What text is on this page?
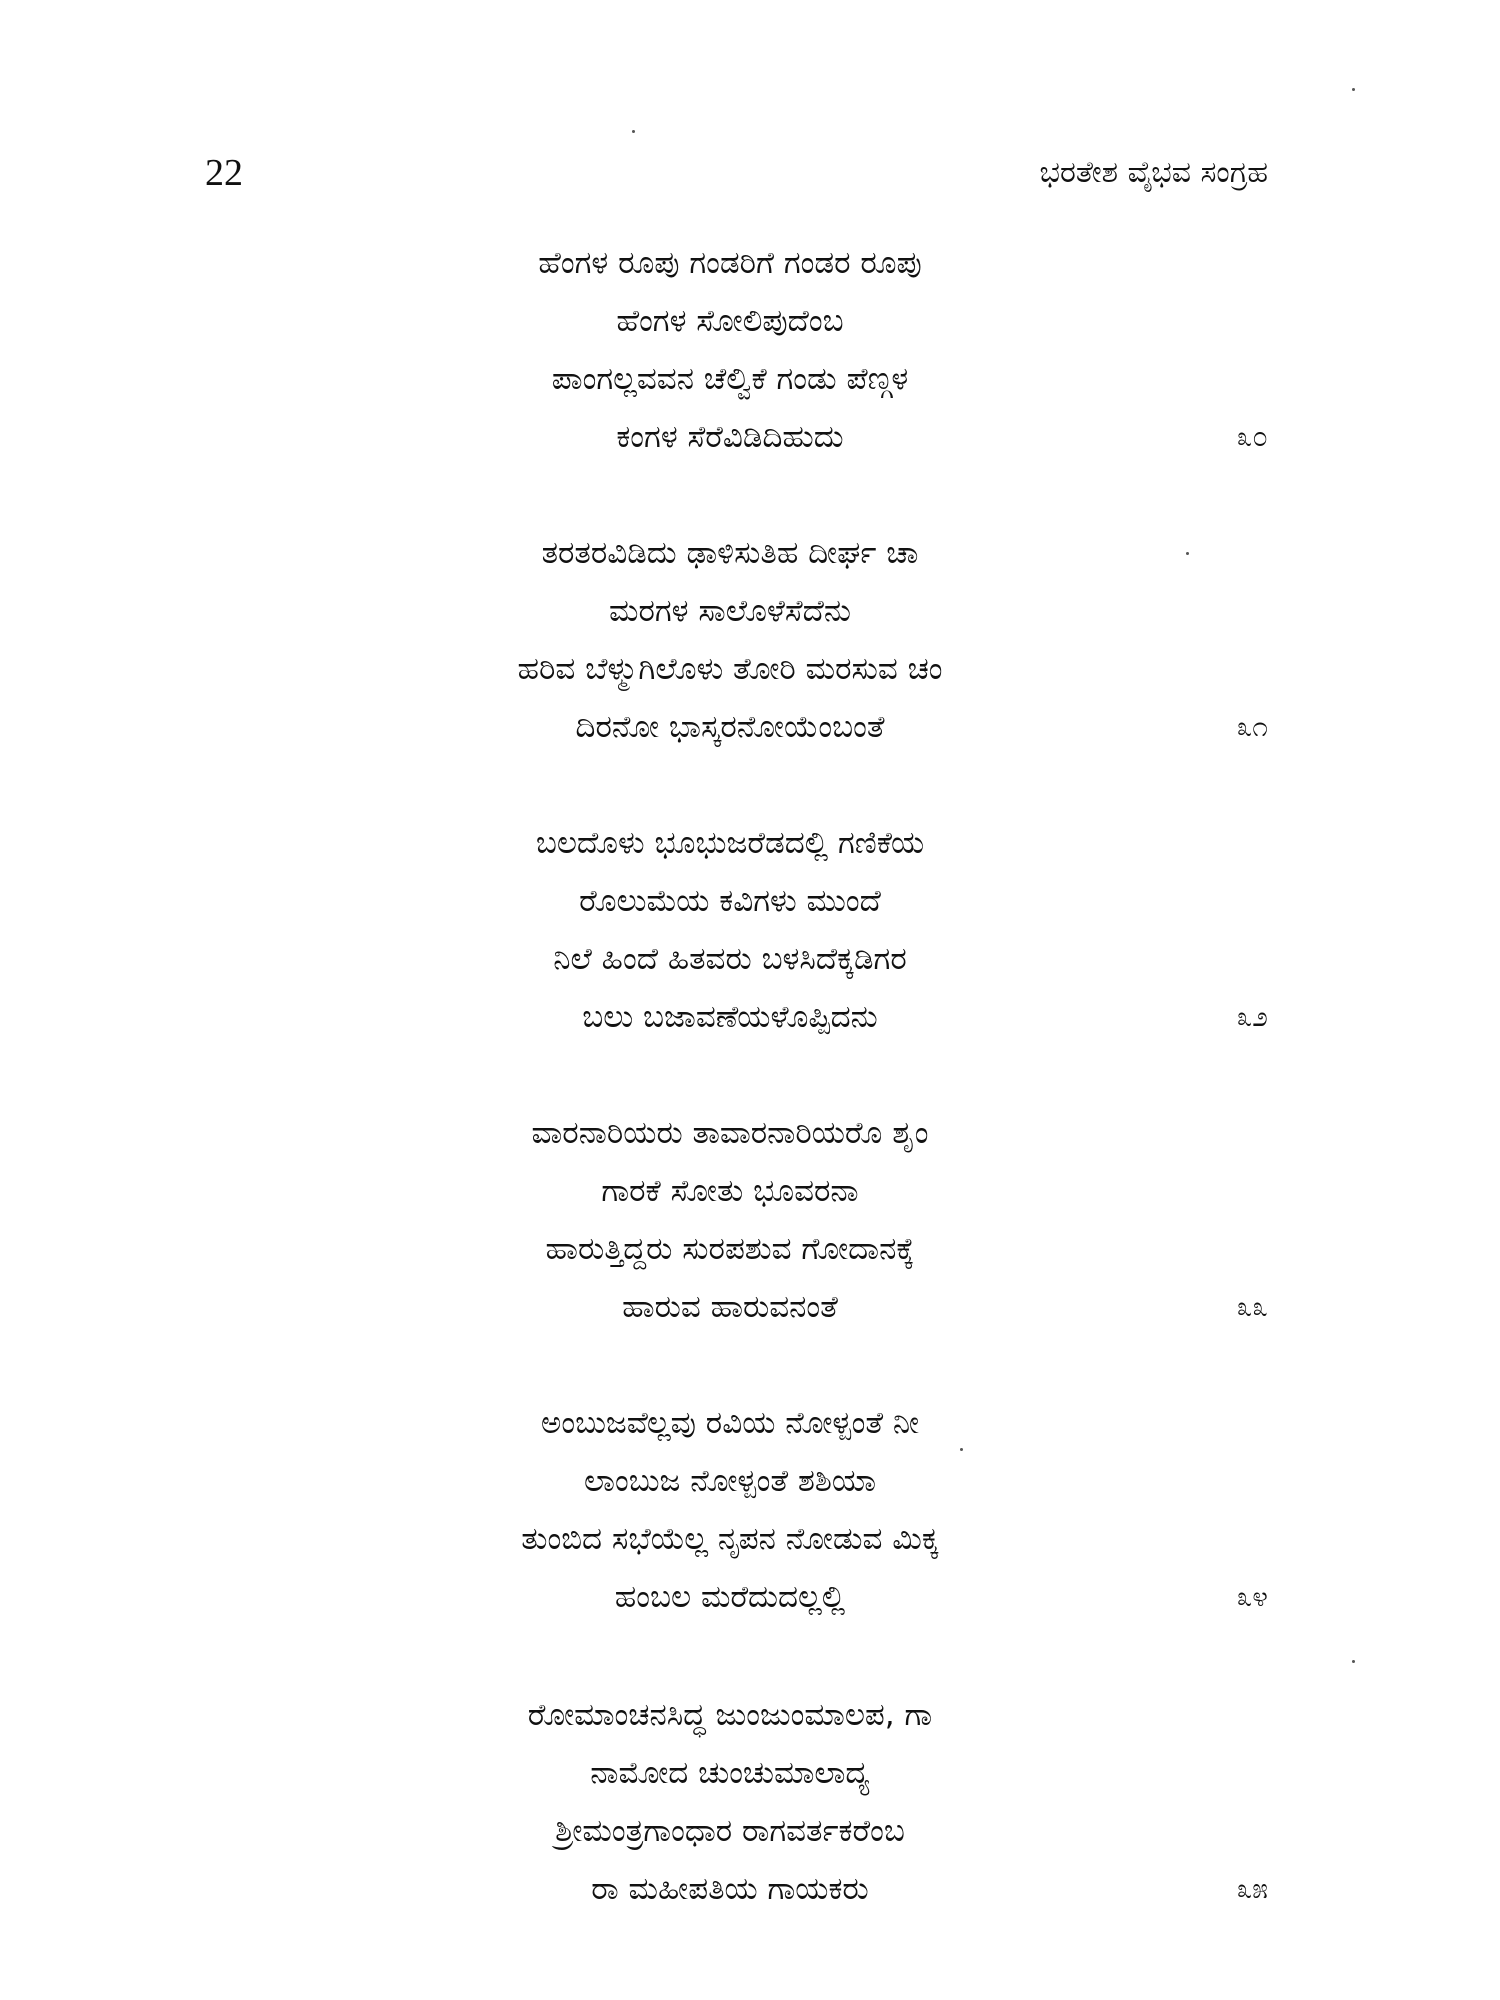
22	ಭರತೇಶ ವೈಭವ ಸಂಗ್ರಹ
ಹೆಂಗಳ ರೂಪು ಗಂಡರಿಗೆ ಗಂಡರ ರೂಪು
ಹೆಂಗಳ ಸೋಲಿಪುದೆಂಬ
ಪಾಂಗಲ್ಲವವನ ಚೆಲ್ವಿಕೆ ಗಂಡು ಪೆಣ್ಗಳ
ಕಂಗಳ ಸೆರೆವಿಡಿದಿಹುದು	೩೦
ತರತರವಿಡಿದು ಢಾಳಿಸುತಿಹ ದೀರ್ಘ ಚಾ
ಮರಗಳ ಸಾಲೊಳೆಸೆದೆನು
ಹರಿವ ಬೆಳ್ಮುಗಿಲೊಳು ತೋರಿ ಮರಸುವ ಚಂ
ದಿರನೋ ಭಾಸ್ಕರನೋಯೆಂಬಂತೆ	೩೧
ಬಲದೊಳು ಭೂಭುಜರೆಡದಲ್ಲಿ ಗಣಿಕೆಯ
ರೊಲುಮೆಯ ಕವಿಗಳು ಮುಂದೆ
ನಿಲೆ ಹಿಂದೆ ಹಿತವರು ಬಳಸಿದೆಕ್ಕಡಿಗರ
ಬಲು ಬಜಾವಣೆಯಳೊಪ್ಪಿದನು	೩೨
ವಾರನಾರಿಯರು ತಾವಾರನಾರಿಯರೊ ಶೃಂ
ಗಾರಕೆ ಸೋತು ಭೂವರನಾ
ಹಾರುತ್ತಿದ್ದರು ಸುರಪಶುವ ಗೋದಾನಕ್ಕೆ
ಹಾರುವ ಹಾರುವನಂತೆ	೩೩
ಅಂಬುಜವೆಲ್ಲವು ರವಿಯ ನೋಳ್ಪಂತೆ ನೀ
ಲಾಂಬುಜ ನೋಳ್ಪಂತೆ ಶಶಿಯಾ
ತುಂಬಿದ ಸಭೆಯೆಲ್ಲ ನೃಪನ ನೋಡುವ ಮಿಕ್ಕ
ಹಂಬಲ ಮರೆದುದಲ್ಲಲ್ಲಿ	೩೪
ರೋಮಾಂಚನಸಿದ್ಧ ಜುಂಜುಂಮಾಲಪ, ಗಾ
ನಾಮೋದ ಚುಂಚುಮಾಲಾದ್ಯ
ಶ್ರೀಮಂತ್ರಗಾಂಧಾರ ರಾಗವರ್ತಕರೆಂಬ
ರಾ ಮಹೀಪತಿಯ ಗಾಯಕರು	೩೫
